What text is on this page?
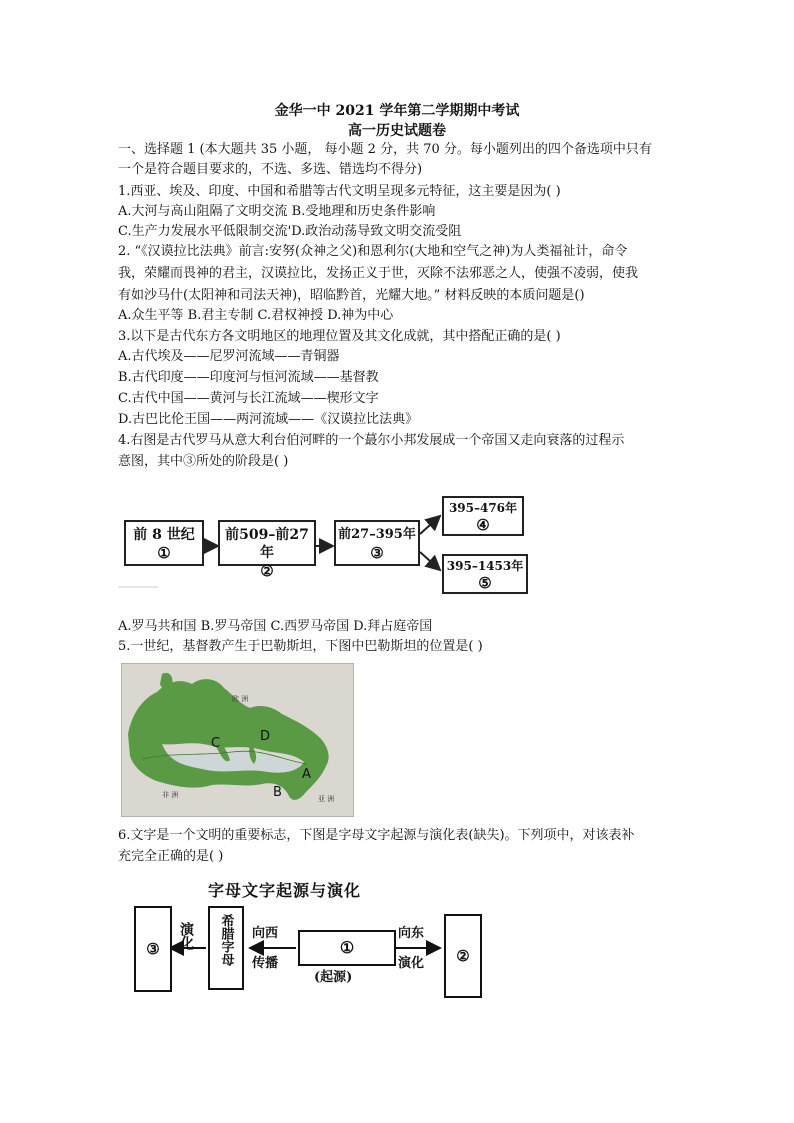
金华一中 2021 学年第二学期期中考试
高一历史试题卷
一、选择题 1 (本大题共 35 小题， 每小题 2 分，共 70 分。每小题列出的四个备选项中只有
一个是符合题目要求的，不选、多选、错选均不得分)
1.西亚、埃及、印度、中国和希腊等古代文明呈现多元特征，这主要是因为( )
A.大河与高山阻隔了文明交流 B.受地理和历史条件影响
C.生产力发展水平低限制交流'D.政治动荡导致文明交流受阻
2. “《汉谟拉比法典》前言:安努(众神之父)和恩利尔(大地和空气之神)为人类福祉计，命令
我，荣耀而畏神的君主，汉谟拉比，发扬正义于世，灭除不法邪恶之人，使强不凌弱，使我
有如沙马什(太阳神和司法天神)，昭临黔首，光耀大地。” 材料反映的本质问题是()
A.众生平等 B.君主专制 C.君权神授 D.神为中心
3.以下是古代东方各文明地区的地理位置及其文化成就，其中搭配正确的是( )
A.古代埃及——尼罗河流域——青铜器
B.古代印度——印度河与恒河流域——基督教
C.古代中国——黄河与长江流域——楔形文字
D.古巴比伦王国——两河流域——《汉谟拉比法典》
4.右图是古代罗马从意大利台伯河畔的一个蕞尔小邦发展成一个帝国又走向衰落的过程示
意图，其中③所处的阶段是( )
前 8 世纪
①
前509–前27年
②
前27–395年
③
395–476年
④
395–1453年
⑤
A.罗马共和国 B.罗马帝国 C.西罗马帝国 D.拜占庭帝国
5.一世纪，基督教产生于巴勒斯坦，下图中巴勒斯坦的位置是( )
欧 洲
非 洲	亚 洲
C	D
A
B
6.文字是一个文明的重要标志，下图是字母文字起源与演化表(缺失)。下列项中，对该表补
充完全正确的是( )
字母文字起源与演化
③	演化	希腊字母	向西
传播
①
(起源)
向东
演化	②
